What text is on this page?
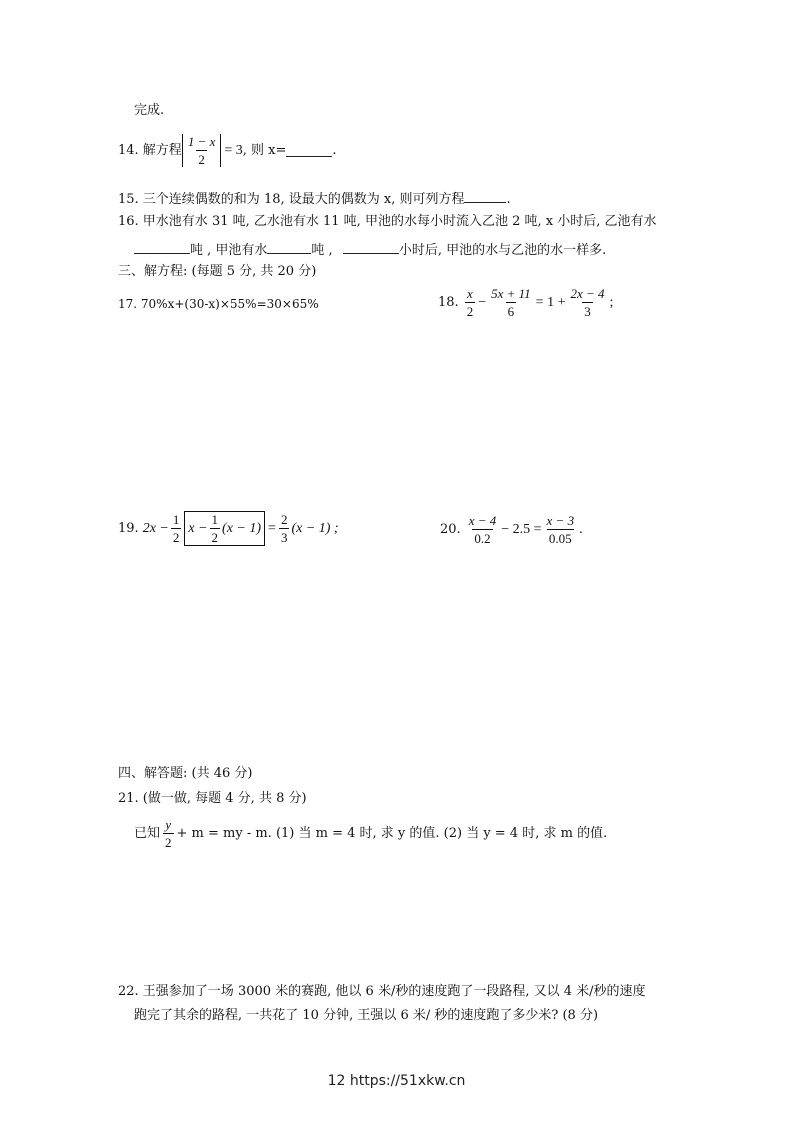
完成.
14. 解方程 $\frac{1 - x}{2} = 3$ , 则 x=	.
15. 三个连续偶数的和为 18, 设最大的偶数为 x, 则可列方程	.
16. 甲水池有水 31 吨, 乙水池有水 11 吨, 甲池的水每小时流入乙池 2 吨, x 小时后, 乙池有水
吨 , 甲池有水	吨 ,	小时后, 甲池的水与乙池的水一样多.
三、解方程: (每题 5 分, 共 20 分)
17. 70%x+(30-x)×55%=30×65%	18. $\frac{x}{2} - \frac{5x + 11}{6} = 1 + \frac{2x - 4}{3}$ ;
19. $2x - \frac{1}{2}$ $x - \frac{1}{2} (x - 1) = \frac{2}{3} (x - 1)$ ;	20. $\frac{x - 4}{0.2} - 2.5 = \frac{x - 3}{0.05}$ .
四、解答题: (共 46 分)
21. (做一做, 每题 4 分, 共 8 分)
已知 $\frac{y}{2} + m$ = my - m. (1) 当 m = 4 时, 求 y 的值. (2) 当 y = 4 时, 求 m 的值.
22. 王强参加了一场 3000 米的赛跑, 他以 6 米/秒的速度跑了一段路程, 又以 4 米/秒的速度
跑完了其余的路程, 一共花了 10 分钟, 王强以 6 米/ 秒的速度跑了多少米? (8 分)
12 https://51xkw.cn
